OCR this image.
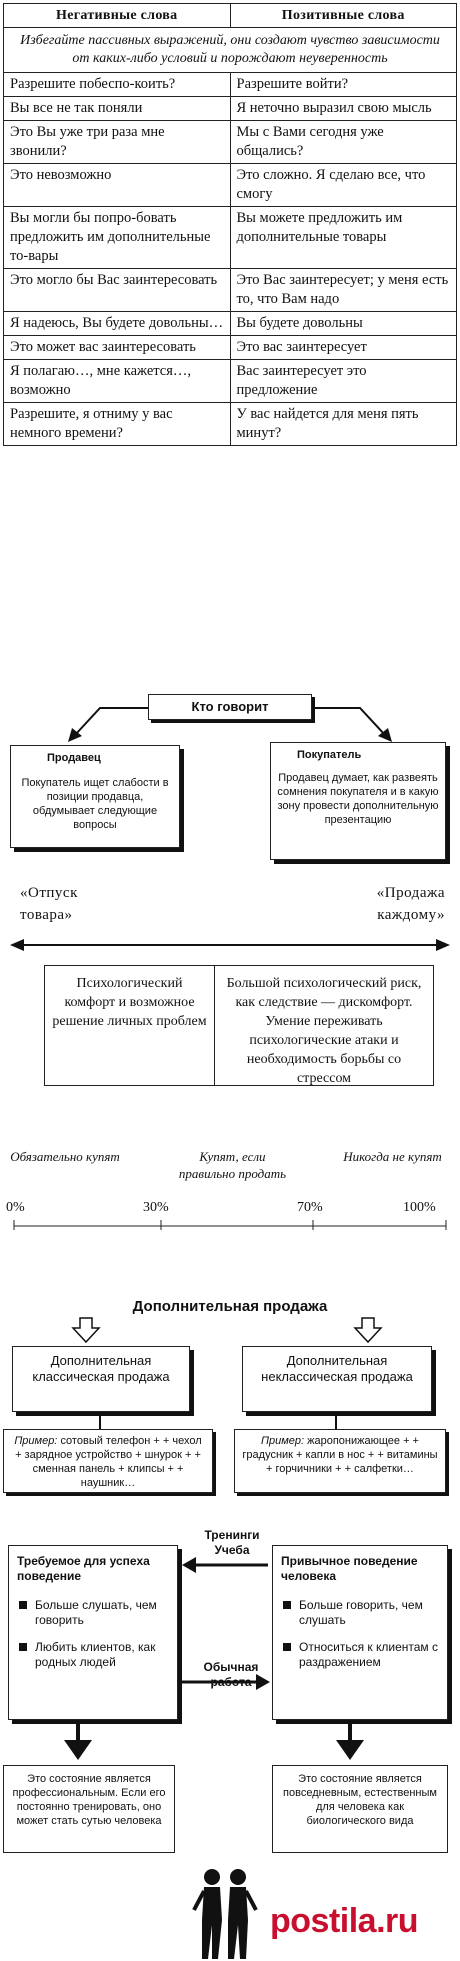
Негативные слова	Позитивные слова
Избегайте пассивных выражений, они создают чувство зависимости от каких-либо условий и порождают неуверенность	
Разрешите побеспо-коить?	Разрешите войти?
Вы все не так поняли	Я неточно выразил свою мысль
Это Вы уже три раза мне звонили?	Мы с Вами сегодня уже общались?
Это невозможно	Это сложно. Я сделаю все, что смогу
Вы могли бы попро-бовать предложить им дополнительные то-вары	Вы можете предложить им дополнительные товары
Это могло бы Вас заинтересовать	Это Вас заинтересует; у меня есть то, что Вам надо
Я надеюсь, Вы будете довольны…	Вы будете довольны
Это может вас заинтересовать	Это вас заинтересует
Я полагаю…, мне кажется…, возможно	Вас заинтересует это предложение
Разрешите, я отниму у вас немного времени?	У вас найдется для меня пять минут?
Кто говорит
Продавец
Покупатель ищет слабости в позиции продавца, обдумывает следующие вопросы
Покупатель
Продавец думает, как развеять сомнения покупателя и в какую зону провести дополнительную презентацию
«Отпуск товара»
«Продажа каждому»
Психологический комфорт и возможное решение личных проблем
Большой психологический риск, как следствие — дискомфорт. Умение переживать психологические атаки и необходимость борьбы со стрессом
Обязательно купят	Купят, если правильно продать
Никогда не купят
0%	30%	70%	100%
Дополнительная продажа
Дополнительная классическая продажа
Дополнительная неклассическая продажа
Пример: сотовый телефон + + чехол + зарядное устройство + шнурок + + сменная панель + клипсы + + наушник…
Пример: жаропонижающее + + градусник + капли в нос + + витамины + горчичники + + салфетки…
Тренинги
Учеба
Требуемое для успеха поведение
Больше слушать, чем говорить
Любить клиентов, как родных людей
Привычное поведение человека
Больше говорить, чем слушать
Относиться к клиентам с раздражением
Обычная работа
Это состояние является профессиональным. Если его постоянно тренировать, оно может стать сутью человека
Это состояние является повседневным, естественным для человека как биологического вида
postila.ru
